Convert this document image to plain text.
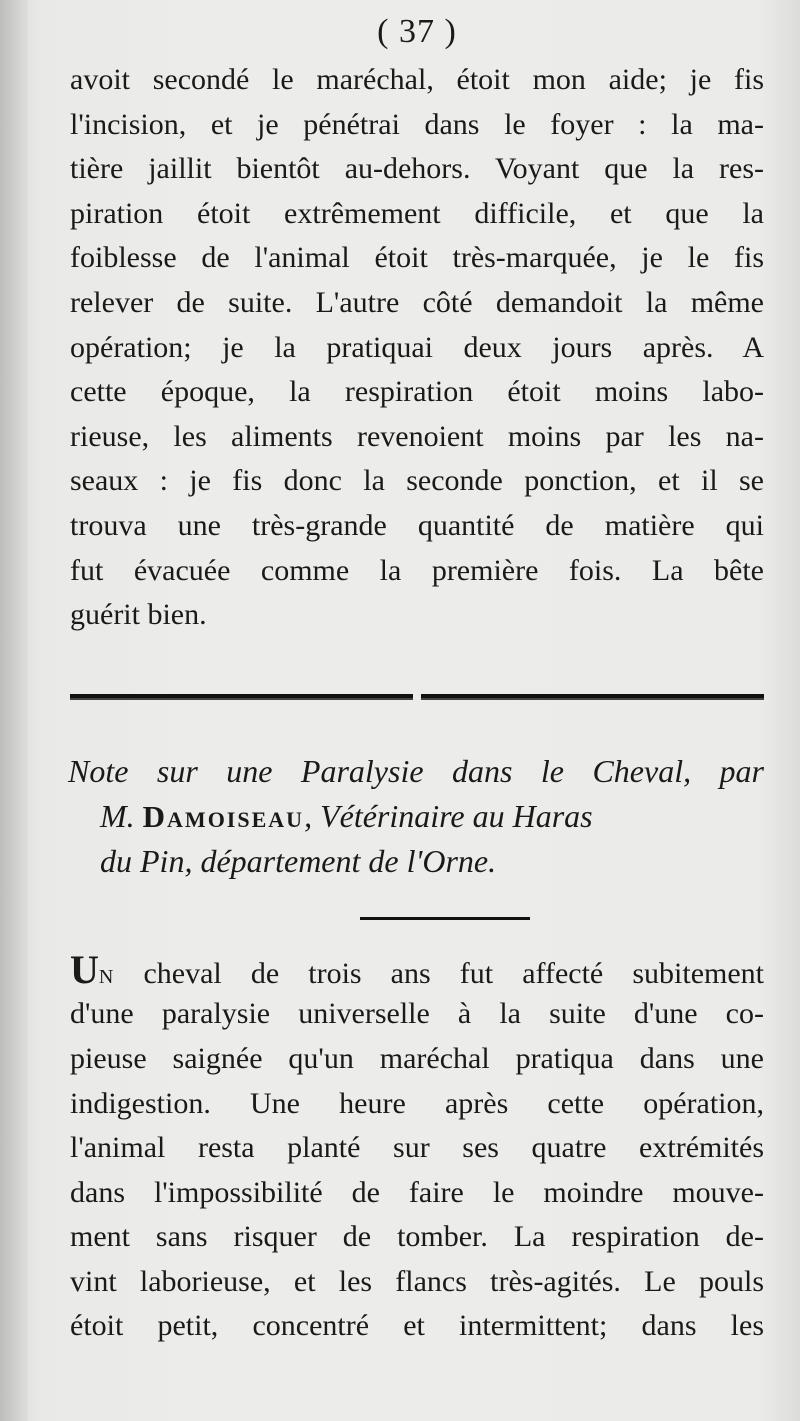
( 37 )
avoit secondé le maréchal, étoit mon aide; je fis
l'incision, et je pénétrai dans le foyer : la ma-
tière jaillit bientôt au-dehors. Voyant que la res-
piration étoit extrêmement difficile, et que la
foiblesse de l'animal étoit très-marquée, je le fis
relever de suite. L'autre côté demandoit la même
opération; je la pratiquai deux jours après. A
cette époque, la respiration étoit moins labo-
rieuse, les aliments revenoient moins par les na-
seaux : je fis donc la seconde ponction, et il se
trouva une très-grande quantité de matière qui
fut évacuée comme la première fois. La bête
guérit bien.
Note sur une Paralysie dans le Cheval, par
M. Damoiseau, Vétérinaire au Haras
du Pin, département de l'Orne.
UN cheval de trois ans fut affecté subitement
d'une paralysie universelle à la suite d'une co-
pieuse saignée qu'un maréchal pratiqua dans une
indigestion. Une heure après cette opération,
l'animal resta planté sur ses quatre extrémités
dans l'impossibilité de faire le moindre mouve-
ment sans risquer de tomber. La respiration de-
vint laborieuse, et les flancs très-agités. Le pouls
étoit petit, concentré et intermittent; dans les
